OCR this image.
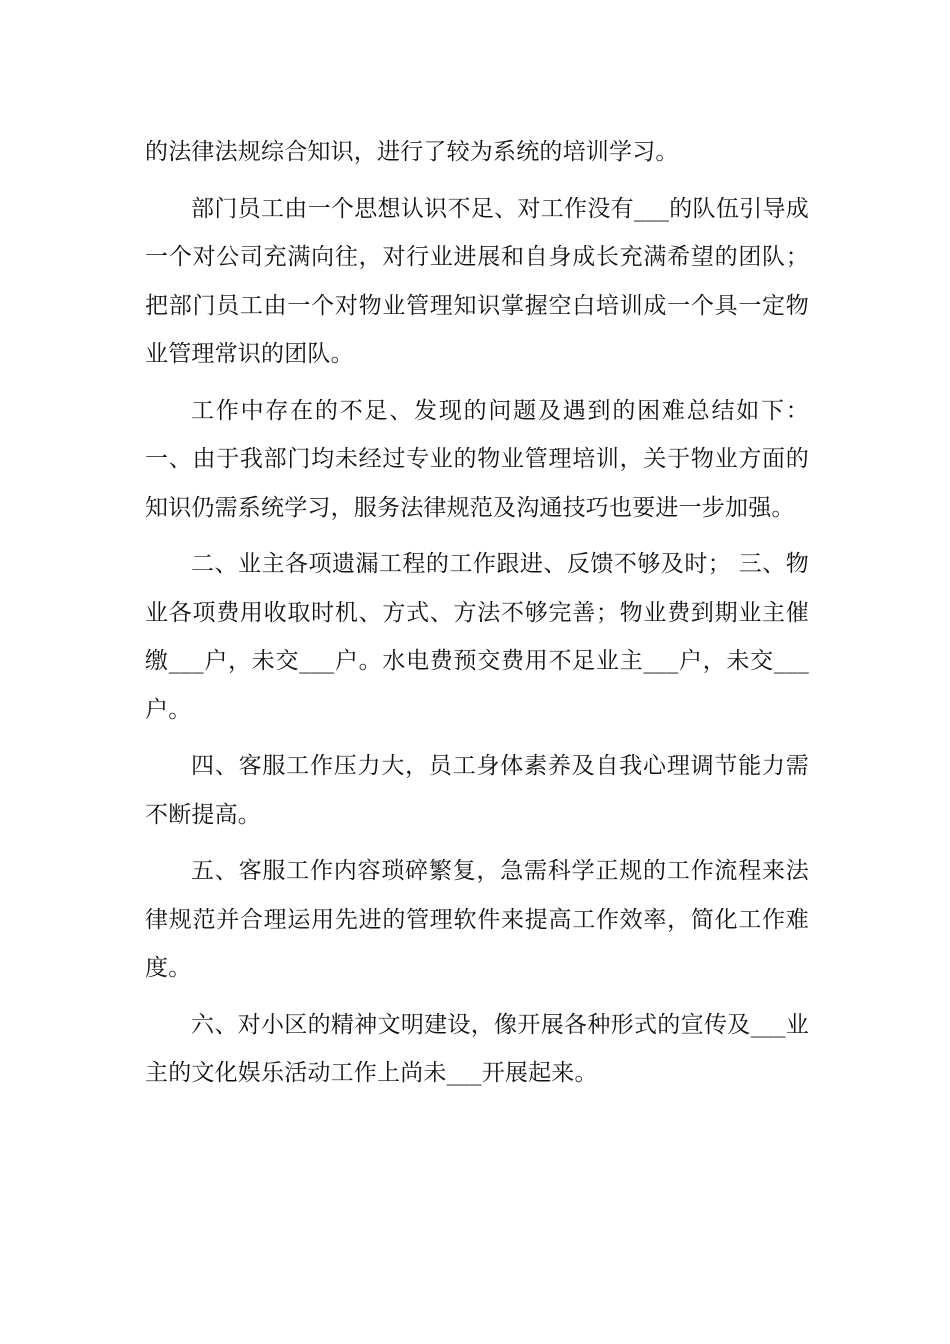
的法律法规综合知识，进行了较为系统的培训学习。

部门员工由一个思想认识不足、对工作没有___的队伍引导成一个对公司充满向往，对行业进展和自身成长充满希望的团队；把部门员工由一个对物业管理知识掌握空白培训成一个具一定物业管理常识的团队。

工作中存在的不足、发现的问题及遇到的困难总结如下：一、由于我部门均未经过专业的物业管理培训，关于物业方面的知识仍需系统学习，服务法律规范及沟通技巧也要进一步加强。

二、业主各项遗漏工程的工作跟进、反馈不够及时； 三、物业各项费用收取时机、方式、方法不够完善；物业费到期业主催缴___户，未交___户。水电费预交费用不足业主___户，未交___户。

四、客服工作压力大，员工身体素养及自我心理调节能力需不断提高。

五、客服工作内容琐碎繁复，急需科学正规的工作流程来法律规范并合理运用先进的管理软件来提高工作效率，简化工作难度。

六、对小区的精神文明建设，像开展各种形式的宣传及___业主的文化娱乐活动工作上尚未___开展起来。
